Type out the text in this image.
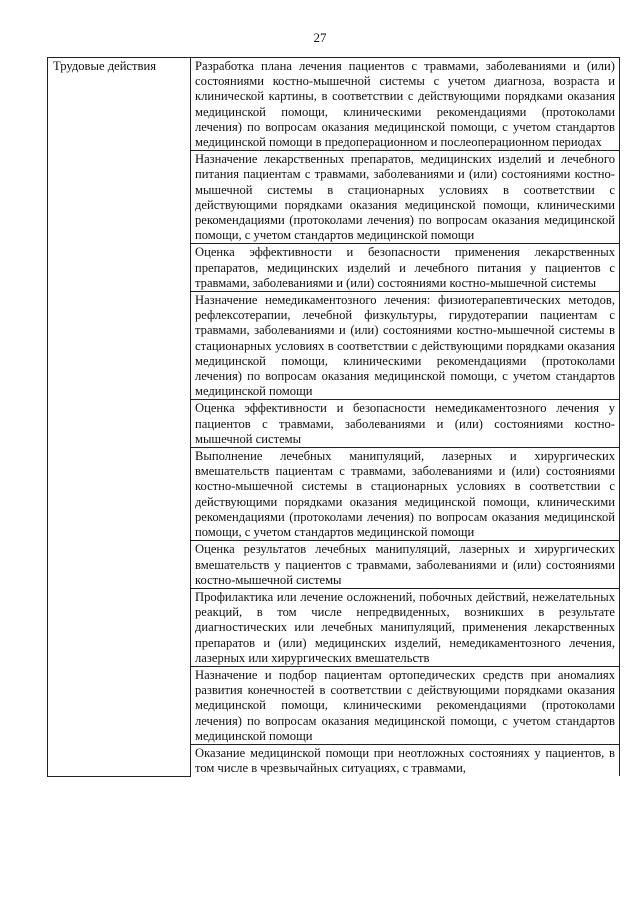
27
Трудовые действия	Разработка плана лечения пациентов с травмами, заболеваниями и (или) состояниями костно-мышечной системы с учетом диагноза, возраста и клинической картины, в соответствии с действующими порядками оказания медицинской помощи, клиническими рекомендациями (протоколами лечения) по вопросам оказания медицинской помощи, с учетом стандартов медицинской помощи в предоперационном и послеоперационном периодах

Назначение лекарственных препаратов, медицинских изделий и лечебного питания пациентам с травмами, заболеваниями и (или) состояниями костно-мышечной системы в стационарных условиях в соответствии с действующими порядками оказания медицинской помощи, клиническими рекомендациями (протоколами лечения) по вопросам оказания медицинской помощи, с учетом стандартов медицинской помощи

Оценка эффективности и безопасности применения лекарственных препаратов, медицинских изделий и лечебного питания у пациентов с травмами, заболеваниями и (или) состояниями костно-мышечной системы

Назначение немедикаментозного лечения: физиотерапевтических методов, рефлексотерапии, лечебной физкультуры, гирудотерапии пациентам с травмами, заболеваниями и (или) состояниями костно-мышечной системы в стационарных условиях в соответствии с действующими порядками оказания медицинской помощи, клиническими рекомендациями (протоколами лечения) по вопросам оказания медицинской помощи, с учетом стандартов медицинской помощи

Оценка эффективности и безопасности немедикаментозного лечения у пациентов с травмами, заболеваниями и (или) состояниями костно-мышечной системы

Выполнение лечебных манипуляций, лазерных и хирургических вмешательств пациентам с травмами, заболеваниями и (или) состояниями костно-мышечной системы в стационарных условиях в соответствии с действующими порядками оказания медицинской помощи, клиническими рекомендациями (протоколами лечения) по вопросам оказания медицинской помощи, с учетом стандартов медицинской помощи

Оценка результатов лечебных манипуляций, лазерных и хирургических вмешательств у пациентов с травмами, заболеваниями и (или) состояниями костно-мышечной системы

Профилактика или лечение осложнений, побочных действий, нежелательных реакций, в том числе непредвиденных, возникших в результате диагностических или лечебных манипуляций, применения лекарственных препаратов и (или) медицинских изделий, немедикаментозного лечения, лазерных или хирургических вмешательств

Назначение и подбор пациентам ортопедических средств при аномалиях развития конечностей в соответствии с действующими порядками оказания медицинской помощи, клиническими рекомендациями (протоколами лечения) по вопросам оказания медицинской помощи, с учетом стандартов медицинской помощи

Оказание медицинской помощи при неотложных состояниях у пациентов, в том числе в чрезвычайных ситуациях, с травмами,
